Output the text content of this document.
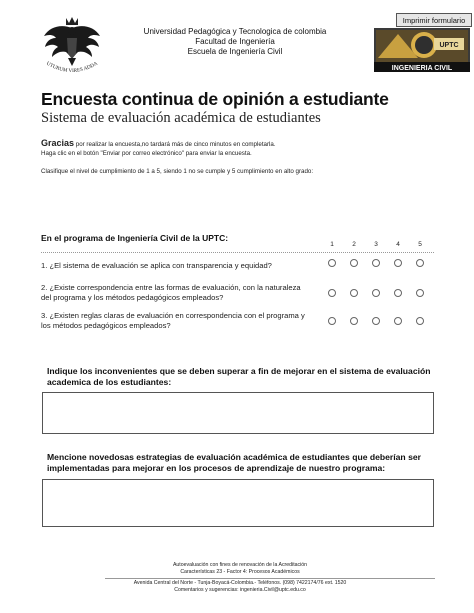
UTURUM VIRES ADDA
Universidad Pedagógica y Tecnologica de colombia
Facultad de Ingeniería
Escuela de Ingeniería Civil
Imprimir formulario
UPTC
INGENIERIA CIVIL
Encuesta continua de opinión a estudiante
Sistema de evaluación académica de estudiantes
Gracias por realizar la encuesta,no tardará más de cinco minutos en completarla.
Haga clic en el botón "Enviar por correo electrónico" para enviar la encuesta.
Clasifique el nivel de cumplimiento de 1 a 5, siendo 1 no se cumple y 5 cumplimiento en alto grado:
En el programa de Ingeniería Civil de la UPTC:
1	2	3	4	5
1. ¿El sistema de evaluación se aplica con transparencia y equidad?
2. ¿Existe correspondencia entre las formas de evaluación, con la naturaleza del programa y los métodos pedagógicos empleados?
3. ¿Existen reglas claras de evaluación en correspondencia con el programa y los métodos pedagógicos empleados?
Indique los inconvenientes que se deben superar a fin de mejorar en el sistema de evaluación academica de los estudiantes:
Mencione novedosas estrategias de evaluación académica de estudiantes que deberían ser implementadas para mejorar en los procesos de aprendizaje de nuestro programa:
Autoevaluación con fines de renovación de la Acreditación
Características 23 - Factor 4: Procesos Académicos
Avenida Central del Norte - Tunja-Boyacá-Colombia.- Teléfonos. (098) 7422174/76 ext. 1520
Comentarios y sugerencias: ingenieria.Civil@uptc.edu.co
